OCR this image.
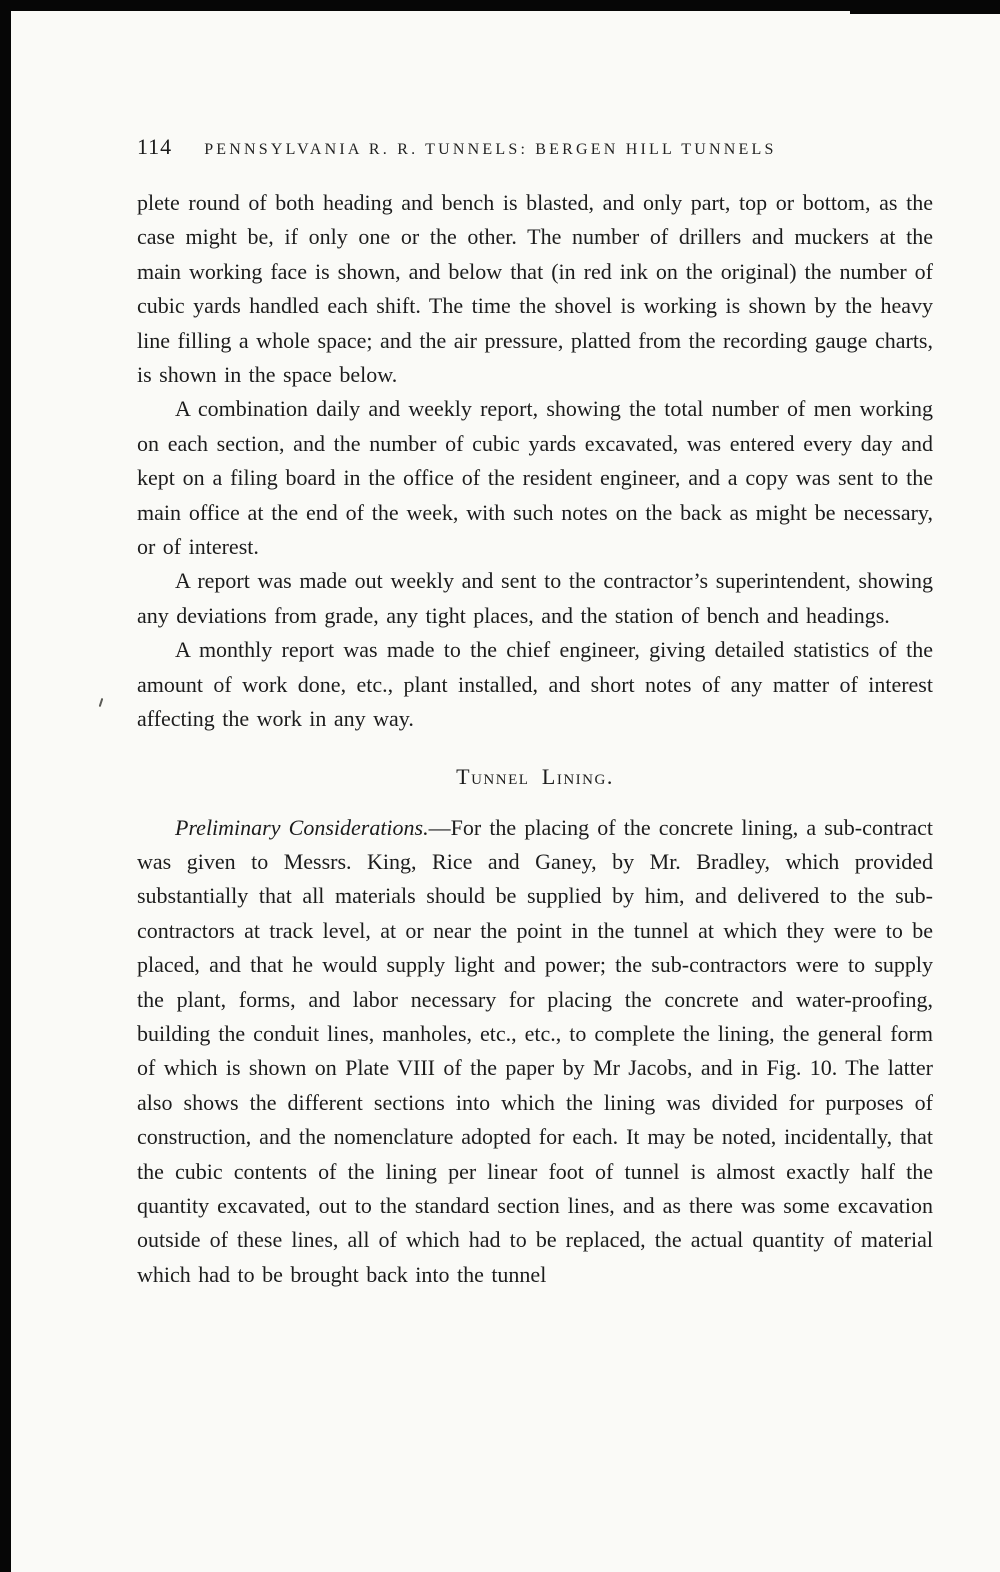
114 PENNSYLVANIA R. R. TUNNELS: BERGEN HILL TUNNELS

plete round of both heading and bench is blasted, and only part, top or bottom, as the case might be, if only one or the other. The number of drillers and muckers at the main working face is shown, and below that (in red ink on the original) the number of cubic yards handled each shift. The time the shovel is working is shown by the heavy line filling a whole space; and the air pressure, platted from the recording gauge charts, is shown in the space below.

A combination daily and weekly report, showing the total number of men working on each section, and the number of cubic yards excavated, was entered every day and kept on a filing board in the office of the resident engineer, and a copy was sent to the main office at the end of the week, with such notes on the back as might be necessary, or of interest.

A report was made out weekly and sent to the contractor’s superintendent, showing any deviations from grade, any tight places, and the station of bench and headings.

A monthly report was made to the chief engineer, giving detailed statistics of the amount of work done, etc., plant installed, and short notes of any matter of interest affecting the work in any way.

Tunnel Lining.

Preliminary Considerations.—For the placing of the concrete lining, a sub-contract was given to Messrs. King, Rice and Ganey, by Mr. Bradley, which provided substantially that all materials should be supplied by him, and delivered to the sub-contractors at track level, at or near the point in the tunnel at which they were to be placed, and that he would supply light and power; the sub-contractors were to supply the plant, forms, and labor necessary for placing the concrete and water-proofing, building the conduit lines, manholes, etc., etc., to complete the lining, the general form of which is shown on Plate VIII of the paper by Mr Jacobs, and in Fig. 10. The latter also shows the different sections into which the lining was divided for purposes of construction, and the nomenclature adopted for each. It may be noted, incidentally, that the cubic contents of the lining per linear foot of tunnel is almost exactly half the quantity excavated, out to the standard section lines, and as there was some excavation outside of these lines, all of which had to be replaced, the actual quantity of material which had to be brought back into the tunnel
